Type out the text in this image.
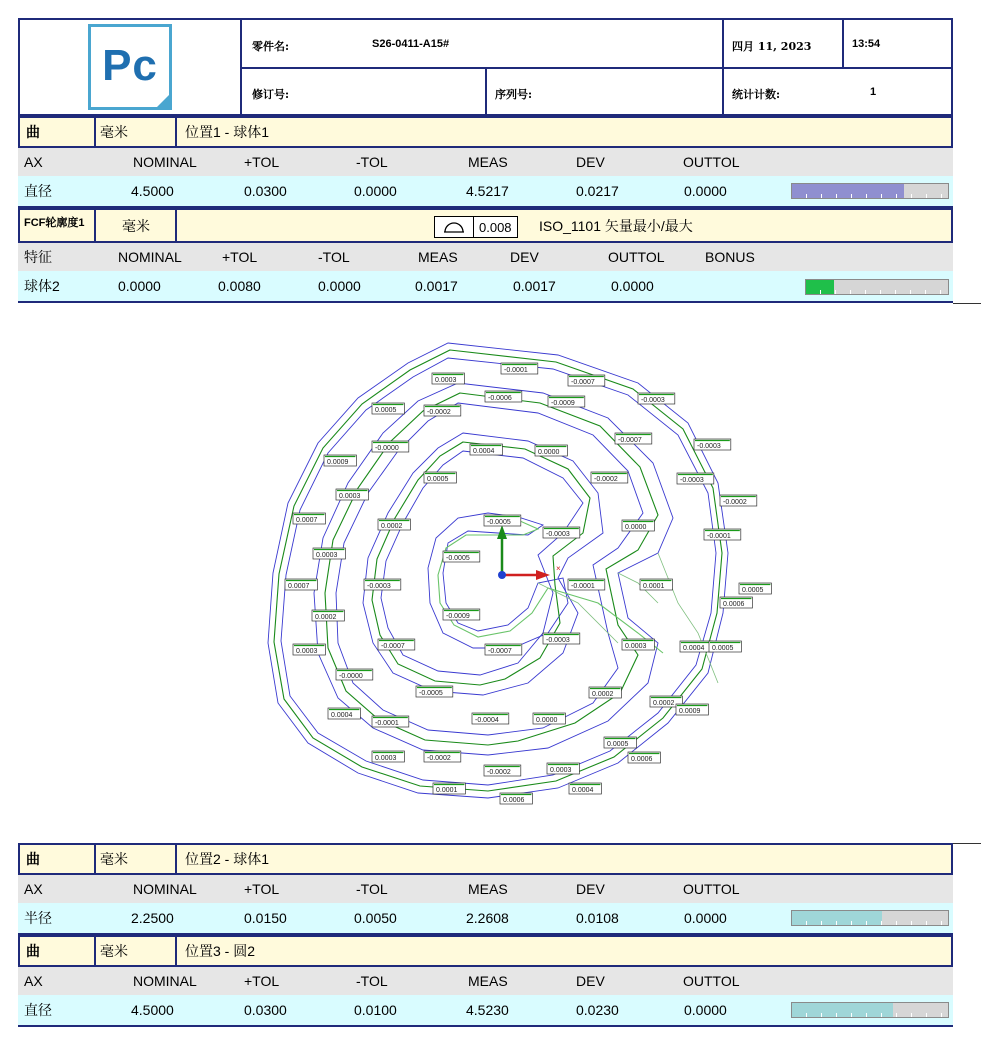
Pc	零件名:	S26-0411-A15#	四月 11, 2023	13:54
修订号:	序列号:	统计计数:	1
曲	毫米	位置1 - 球体1
AX	NOMINAL	+TOL	-TOL	MEAS	DEV	OUTTOL
直径	4.5000	0.0300	0.0000	4.5217	0.0217	0.0000
FCF轮廓度1	毫米	0.008	ISO_1101 矢量最小/最大
特征	NOMINAL	+TOL	-TOL	MEAS	DEV	OUTTOL	BONUS
球体2	0.0000	0.0080	0.0000	0.0017	0.0017	0.0000
×
0.0003
-0.0001
-0.0007
-0.0006
-0.0009	-0.0003
0.0005	-0.0002
-0.0007
-0.0003
-0.0000	0.0004	0.0000
0.0009
-0.0002	-0.0003
0.0005
0.0003
-0.0002
0.0007
0.0002
-0.0005
-0.0003
0.0000
-0.0001
0.0003	-0.0005
0.0007	-0.0003	-0.0001	0.0001
0.0005
0.0002
0.0006
-0.0009
-0.0007
-0.0003
0.0003
-0.0007
0.0003	0.0004 0.0005
-0.0000
-0.0005	0.0002
0.0002
0.0004
-0.0001	-0.0004	0.0000
0.0009
0.0005
0.0003	-0.0002
-0.0002	0.0003
0.0006
0.0001
0.0006
0.0004
曲	毫米	位置2 - 球体1
AX	NOMINAL	+TOL	-TOL	MEAS	DEV	OUTTOL
半径	2.2500	0.0150	0.0050	2.2608	0.0108	0.0000
曲	毫米	位置3 - 圆2
AX	NOMINAL	+TOL	-TOL	MEAS	DEV	OUTTOL
直径	4.5000	0.0300	0.0100	4.5230	0.0230	0.0000
